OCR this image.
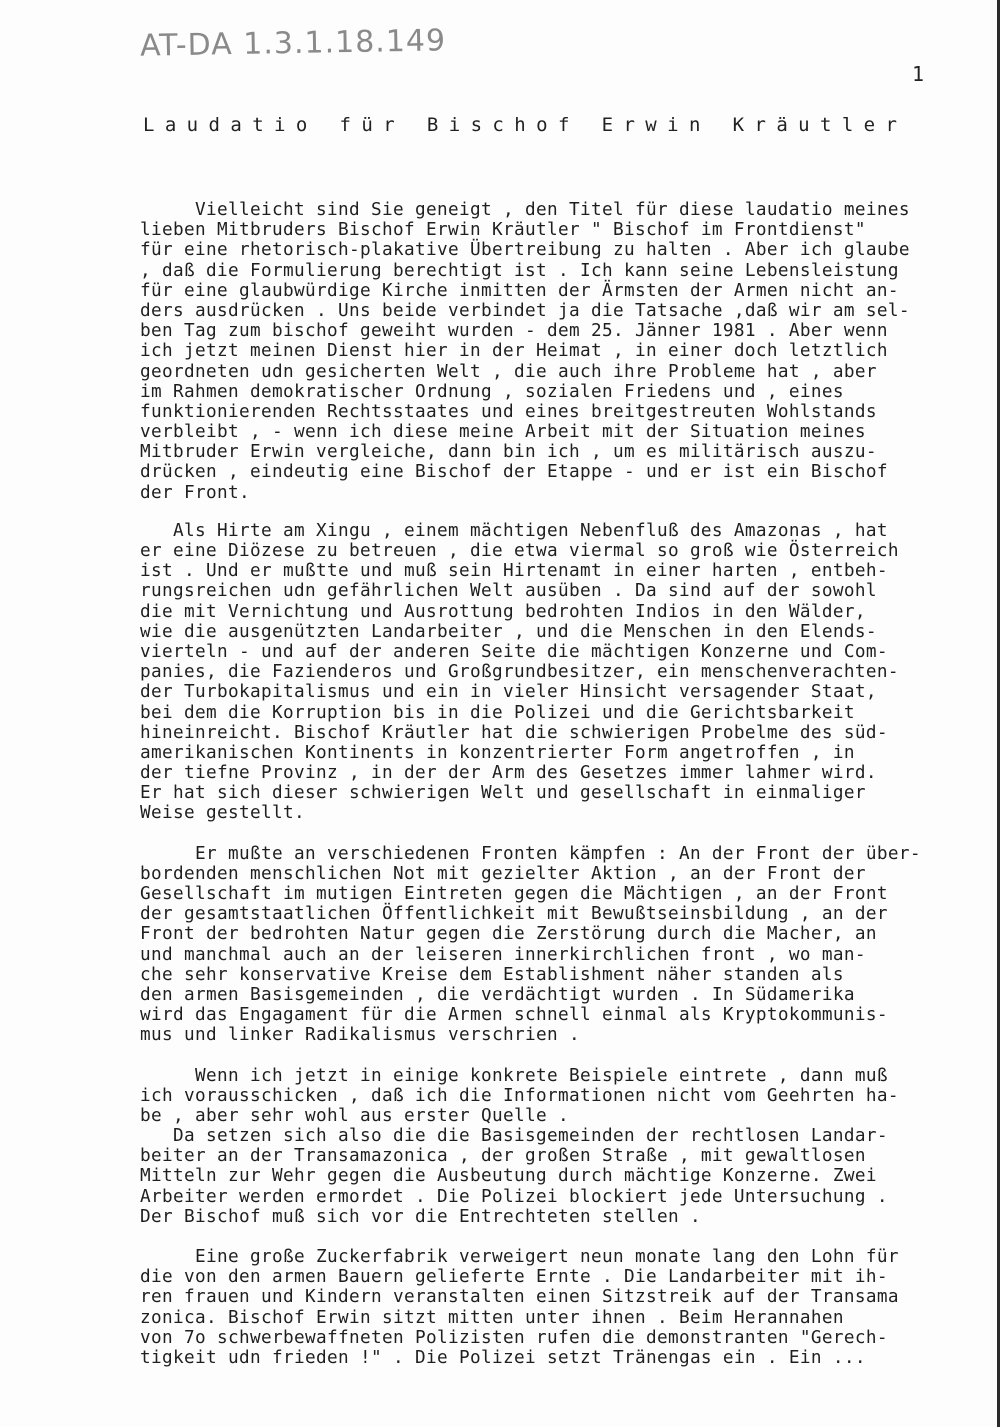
AT-DA 1.3.1.18.149
1
Laudatio für Bischof Erwin Kräutler
Vielleicht sind Sie geneigt , den Titel für diese laudatio meines
lieben Mitbruders Bischof Erwin Kräutler " Bischof im Frontdienst"
für eine rhetorisch-plakative Übertreibung zu halten . Aber ich glaube
, daß die Formulierung berechtigt ist . Ich kann seine Lebensleistung
für eine glaubwürdige Kirche inmitten der Ärmsten der Armen nicht an-
ders ausdrücken . Uns beide verbindet ja die Tatsache ,daß wir am sel-
ben Tag zum bischof geweiht wurden - dem 25. Jänner 1981 . Aber wenn
ich jetzt meinen Dienst hier in der Heimat , in einer doch letztlich
geordneten udn gesicherten Welt , die auch ihre Probleme hat , aber
im Rahmen demokratischer Ordnung , sozialen Friedens und , eines
funktionierenden Rechtsstaates und eines breitgestreuten Wohlstands
verbleibt , - wenn ich diese meine Arbeit mit der Situation meines
Mitbruder Erwin vergleiche, dann bin ich , um es militärisch auszu-
drücken , eindeutig eine Bischof der Etappe - und er ist ein Bischof
der Front.
Als Hirte am Xingu , einem mächtigen Nebenfluß des Amazonas , hat
er eine Diözese zu betreuen , die etwa viermal so groß wie Österreich
ist . Und er mußtte und muß sein Hirtenamt in einer harten , entbeh-
rungsreichen udn gefährlichen Welt ausüben . Da sind auf der sowohl
die mit Vernichtung und Ausrottung bedrohten Indios in den Wälder,
wie die ausgenützten Landarbeiter , und die Menschen in den Elends-
vierteln - und auf der anderen Seite die mächtigen Konzerne und Com-
panies, die Fazienderos und Großgrundbesitzer, ein menschenverachten-
der Turbokapitalismus und ein in vieler Hinsicht versagender Staat,
bei dem die Korruption bis in die Polizei und die Gerichtsbarkeit
hineinreicht. Bischof Kräutler hat die schwierigen Probelme des süd-
amerikanischen Kontinents in konzentrierter Form angetroffen , in
der tiefne Provinz , in der der Arm des Gesetzes immer lahmer wird.
Er hat sich dieser schwierigen Welt und gesellschaft in einmaliger
Weise gestellt.
Er mußte an verschiedenen Fronten kämpfen : An der Front der über-
bordenden menschlichen Not mit gezielter Aktion , an der Front der
Gesellschaft im mutigen Eintreten gegen die Mächtigen , an der Front
der gesamtstaatlichen Öffentlichkeit mit Bewußtseinsbildung , an der
Front der bedrohten Natur gegen die Zerstörung durch die Macher, an
und manchmal auch an der leiseren innerkirchlichen front , wo man-
che sehr konservative Kreise dem Establishment näher standen als
den armen Basisgemeinden , die verdächtigt wurden . In Südamerika
wird das Engagament für die Armen schnell einmal als Kryptokommunis-
mus und linker Radikalismus verschrien .
Wenn ich jetzt in einige konkrete Beispiele eintrete , dann muß
ich vorausschicken , daß ich die Informationen nicht vom Geehrten ha-
be , aber sehr wohl aus erster Quelle .
Da setzen sich also die die Basisgemeinden der rechtlosen Landar-
beiter an der Transamazonica , der großen Straße , mit gewaltlosen
Mitteln zur Wehr gegen die Ausbeutung durch mächtige Konzerne. Zwei
Arbeiter werden ermordet . Die Polizei blockiert jede Untersuchung .
Der Bischof muß sich vor die Entrechteten stellen .
Eine große Zuckerfabrik verweigert neun monate lang den Lohn für
die von den armen Bauern gelieferte Ernte . Die Landarbeiter mit ih-
ren frauen und Kindern veranstalten einen Sitzstreik auf der Transama
zonica. Bischof Erwin sitzt mitten unter ihnen . Beim Herannahen
von 7o schwerbewaffneten Polizisten rufen die demonstranten "Gerech-
tigkeit udn frieden !" . Die Polizei setzt Tränengas ein . Ein ...
